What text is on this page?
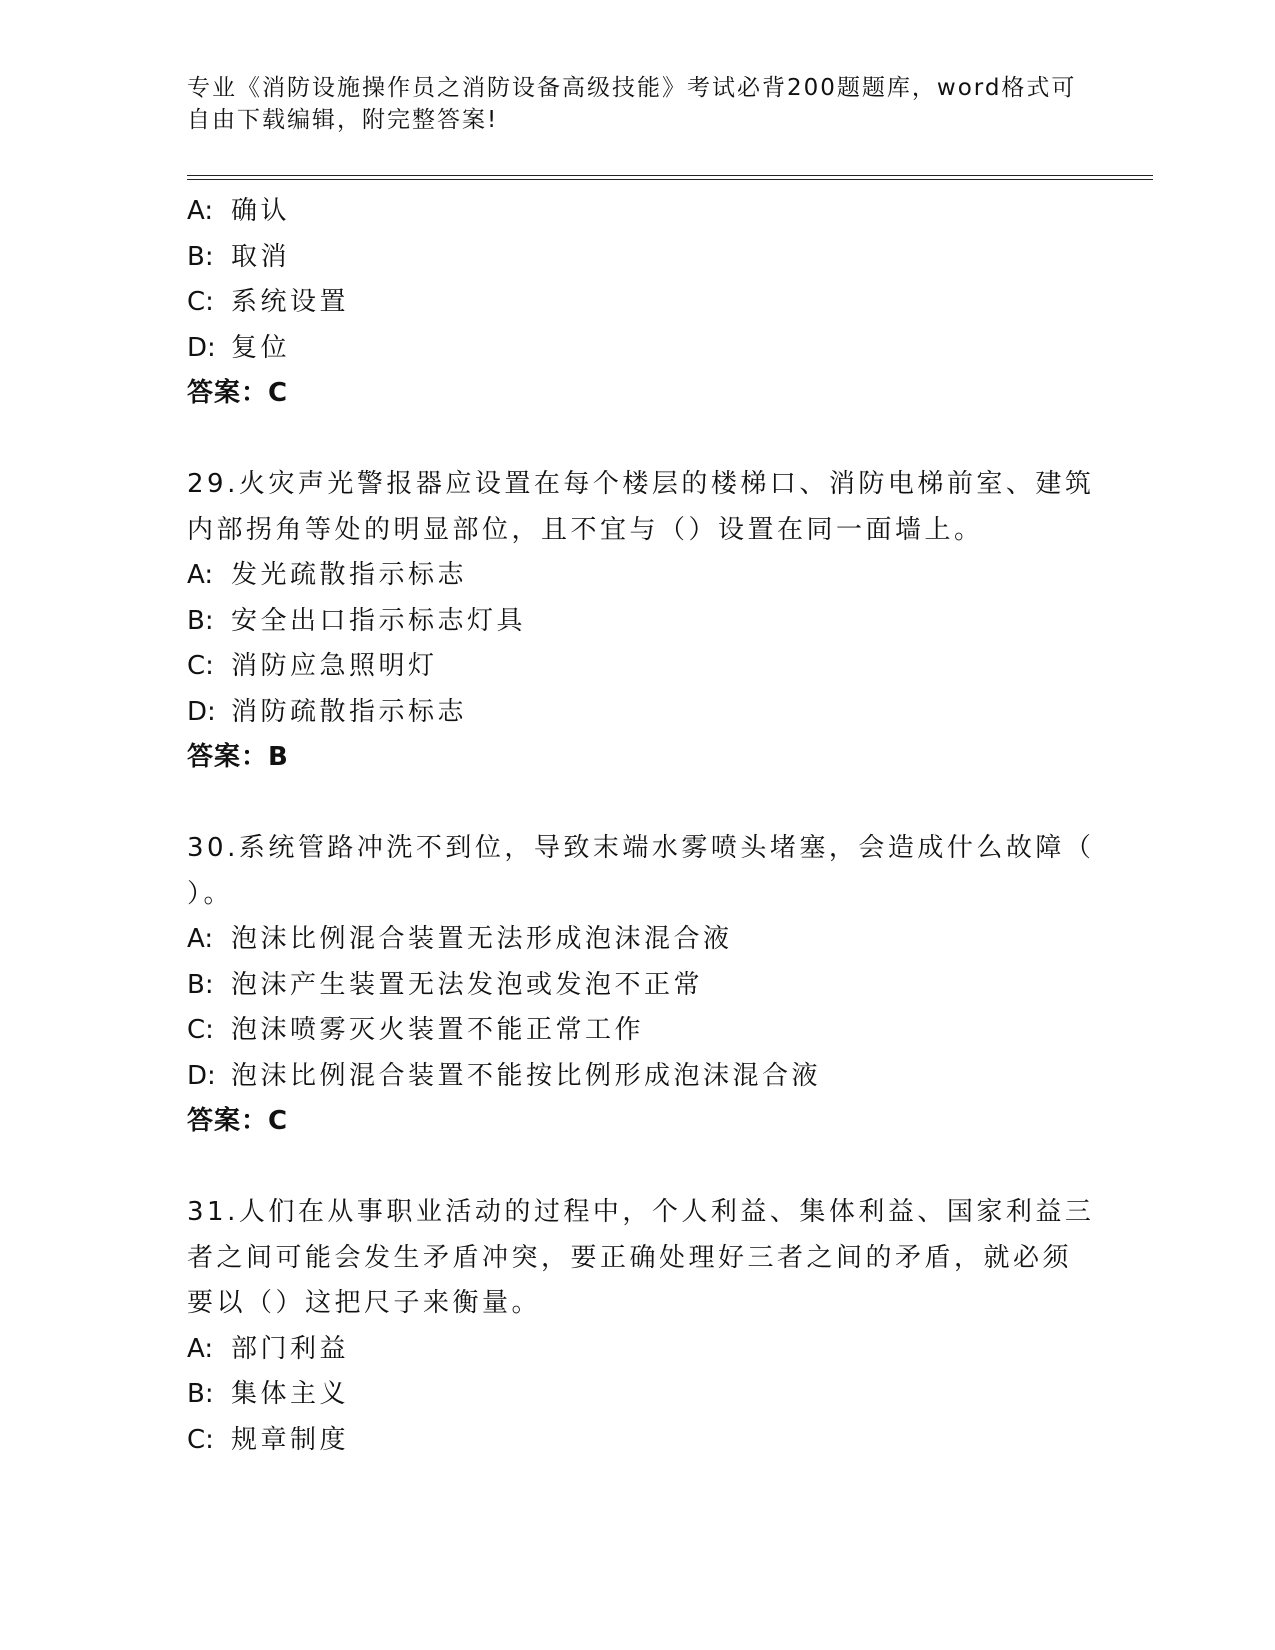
专业《消防设施操作员之消防设备高级技能》考试必背200题题库，word格式可
自由下载编辑，附完整答案!
A: 确认
B: 取消
C: 系统设置
D: 复位
答案：C
29.火灾声光警报器应设置在每个楼层的楼梯口、消防电梯前室、建筑
内部拐角等处的明显部位，且不宜与（）设置在同一面墙上。
A: 发光疏散指示标志
B: 安全出口指示标志灯具
C: 消防应急照明灯
D: 消防疏散指示标志
答案：B
30.系统管路冲洗不到位，导致末端水雾喷头堵塞，会造成什么故障（
）。
A: 泡沫比例混合装置无法形成泡沫混合液
B: 泡沫产生装置无法发泡或发泡不正常
C: 泡沫喷雾灭火装置不能正常工作
D: 泡沫比例混合装置不能按比例形成泡沫混合液
答案：C
31.人们在从事职业活动的过程中，个人利益、集体利益、国家利益三
者之间可能会发生矛盾冲突，要正确处理好三者之间的矛盾，就必须
要以（）这把尺子来衡量。
A: 部门利益
B: 集体主义
C: 规章制度
